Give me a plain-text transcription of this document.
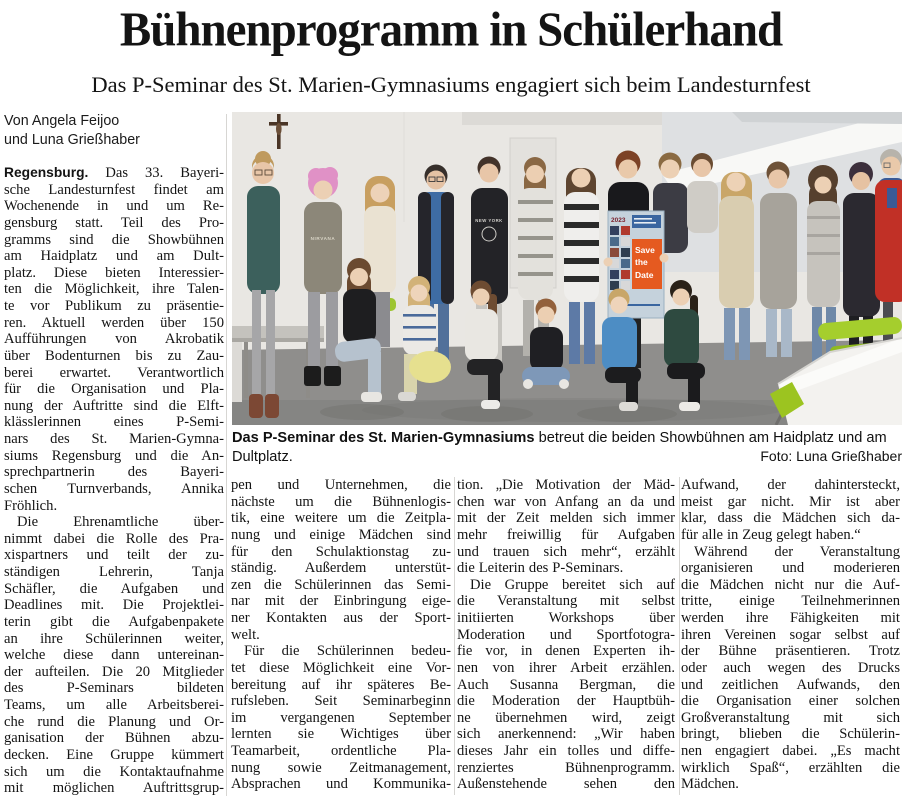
Bühnenprogramm in Schülerhand
Das P-Seminar des St. Marien-Gymnasiums engagiert sich beim Landesturnfest
Von Angela Feijoo
und Luna Grießhaber
Regensburg. Das 33. Bayeri-
sche Landesturnfest findet am
Wochenende in und um Re-
gensburg statt. Teil des Pro-
gramms sind die Showbühnen
am Haidplatz und am Dult-
platz. Diese bieten Interessier-
ten die Möglichkeit, ihre Talen-
te vor Publikum zu präsentie-
ren. Aktuell werden über 150
Aufführungen von Akrobatik
über Bodenturnen bis zu Zau-
berei erwartet. Verantwortlich
für die Organisation und Pla-
nung der Auftritte sind die Elft-
klässlerinnen eines P-Semi-
nars des St. Marien-Gymna-
siums Regensburg und die An-
sprechpartnerin des Bayeri-
schen Turnverbands, Annika
Fröhlich.
Die Ehrenamtliche über-
nimmt dabei die Rolle des Pra-
xispartners und teilt der zu-
ständigen Lehrerin, Tanja
Schäfler, die Aufgaben und
Deadlines mit. Die Projektlei-
terin gibt die Aufgabenpakete
an ihre Schülerinnen weiter,
welche diese dann untereinan-
der aufteilen. Die 20 Mitglieder
des P-Seminars bildeten
Teams, um alle Arbeitsberei-
che rund die Planung und Or-
ganisation der Bühnen abzu-
decken. Eine Gruppe kümmert
sich um die Kontaktaufnahme
mit möglichen Auftrittsgrup-
pen und Unternehmen, die
nächste um die Bühnenlogis-
tik, eine weitere um die Zeitpla-
nung und einige Mädchen sind
für den Schulaktionstag zu-
ständig. Außerdem unterstüt-
zen die Schülerinnen das Semi-
nar mit der Einbringung eige-
ner Kontakten aus der Sport-
welt.
Für die Schülerinnen bedeu-
tet diese Möglichkeit eine Vor-
bereitung auf ihr späteres Be-
rufsleben. Seit Seminarbeginn
im vergangenen September
lernten sie Wichtiges über
Teamarbeit, ordentliche Pla-
nung sowie Zeitmanagement,
Absprachen und Kommunika-
tion. „Die Motivation der Mäd-
chen war von Anfang an da und
mit der Zeit melden sich immer
mehr freiwillig für Aufgaben
und trauen sich mehr“, erzählt
die Leiterin des P-Seminars.
Die Gruppe bereitet sich auf
die Veranstaltung mit selbst
initiierten Workshops über
Moderation und Sportfotogra-
fie vor, in denen Experten ih-
nen von ihrer Arbeit erzählen.
Auch Susanna Bergman, die
die Moderation der Hauptbüh-
ne übernehmen wird, zeigt
sich anerkennend: „Wir haben
dieses Jahr ein tolles und diffe-
renziertes Bühnenprogramm.
Außenstehende sehen den
Aufwand, der dahintersteckt,
meist gar nicht. Mir ist aber
klar, dass die Mädchen sich da-
für alle in Zeug gelegt haben.“
Während der Veranstaltung
organisieren und moderieren
die Mädchen nicht nur die Auf-
tritte, einige Teilnehmerinnen
werden ihre Fähigkeiten mit
ihren Vereinen sogar selbst auf
der Bühne präsentieren. Trotz
oder auch wegen des Drucks
und zeitlichen Aufwands, den
die Organisation einer solchen
Großveranstaltung mit sich
bringt, blieben die Schülerin-
nen engagiert dabei. „Es macht
wirklich Spaß“, erzählten die
Mädchen.
NIRVANA
NEW YORK	2023
Save
the
Date
Das P-Seminar des St. Marien-Gymnasiums betreut die beiden Showbühnen am Haidplatz und am Dultplatz.	Foto: Luna Grießhaber
